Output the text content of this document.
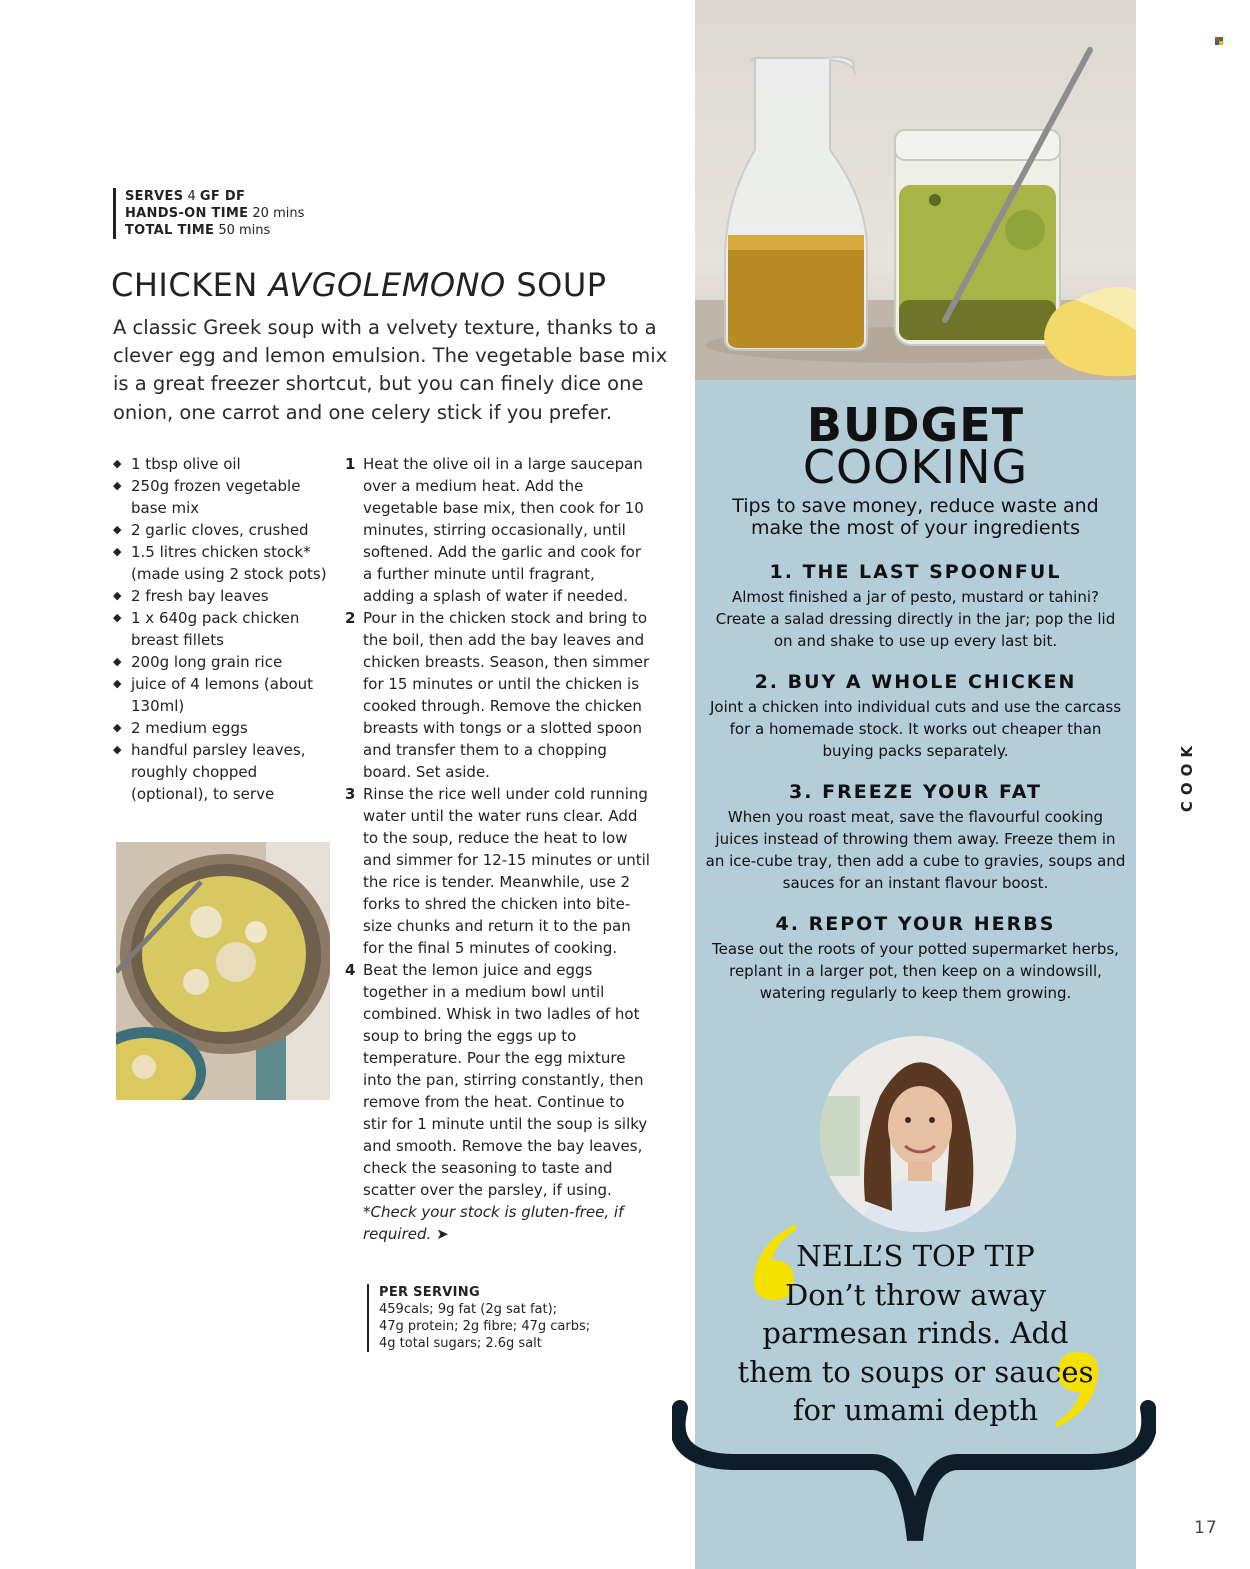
SERVES 4 GF DF
HANDS-ON TIME 20 mins
TOTAL TIME 50 mins
CHICKEN AVGOLEMONO SOUP
A classic Greek soup with a velvety texture, thanks to a clever egg and lemon emulsion. The vegetable base mix is a great freezer shortcut, but you can finely dice one onion, one carrot and one celery stick if you prefer.
◆ 1 tbsp olive oil
◆ 250g frozen vegetable base mix
◆ 2 garlic cloves, crushed
◆ 1.5 litres chicken stock* (made using 2 stock pots)
◆ 2 fresh bay leaves
◆ 1 x 640g pack chicken breast fillets
◆ 200g long grain rice
◆ juice of 4 lemons (about 130ml)
◆ 2 medium eggs
◆ handful parsley leaves, roughly chopped (optional), to serve
1 Heat the olive oil in a large saucepan over a medium heat. Add the vegetable base mix, then cook for 10 minutes, stirring occasionally, until softened. Add the garlic and cook for a further minute until fragrant, adding a splash of water if needed.
2 Pour in the chicken stock and bring to the boil, then add the bay leaves and chicken breasts. Season, then simmer for 15 minutes or until the chicken is cooked through. Remove the chicken breasts with tongs or a slotted spoon and transfer them to a chopping board. Set aside.
3 Rinse the rice well under cold running water until the water runs clear. Add to the soup, reduce the heat to low and simmer for 12-15 minutes or until the rice is tender. Meanwhile, use 2 forks to shred the chicken into bite-size chunks and return it to the pan for the final 5 minutes of cooking.
4 Beat the lemon juice and eggs together in a medium bowl until combined. Whisk in two ladles of hot soup to bring the eggs up to temperature. Pour the egg mixture into the pan, stirring constantly, then remove from the heat. Continue to stir for 1 minute until the soup is silky and smooth. Remove the bay leaves, check the seasoning to taste and scatter over the parsley, if using.
*Check your stock is gluten-free, if required. ➤
PER SERVING
459cals; 9g fat (2g sat fat);
47g protein; 2g fibre; 47g carbs;
4g total sugars; 2.6g salt
BUDGET
COOKING
Tips to save money, reduce waste and make the most of your ingredients
1. THE LAST SPOONFUL
Almost finished a jar of pesto, mustard or tahini? Create a salad dressing directly in the jar; pop the lid on and shake to use up every last bit.
2. BUY A WHOLE CHICKEN
Joint a chicken into individual cuts and use the carcass for a homemade stock. It works out cheaper than buying packs separately.
3. FREEZE YOUR FAT
When you roast meat, save the flavourful cooking juices instead of throwing them away. Freeze them in an ice-cube tray, then add a cube to gravies, soups and sauces for an instant flavour boost.
4. REPOT YOUR HERBS
Tease out the roots of your potted supermarket herbs, replant in a larger pot, then keep on a windowsill, watering regularly to keep them growing.
NELL’S TOP TIP
Don’t throw away parmesan rinds. Add them to soups or sauces for umami depth
COOK
17
